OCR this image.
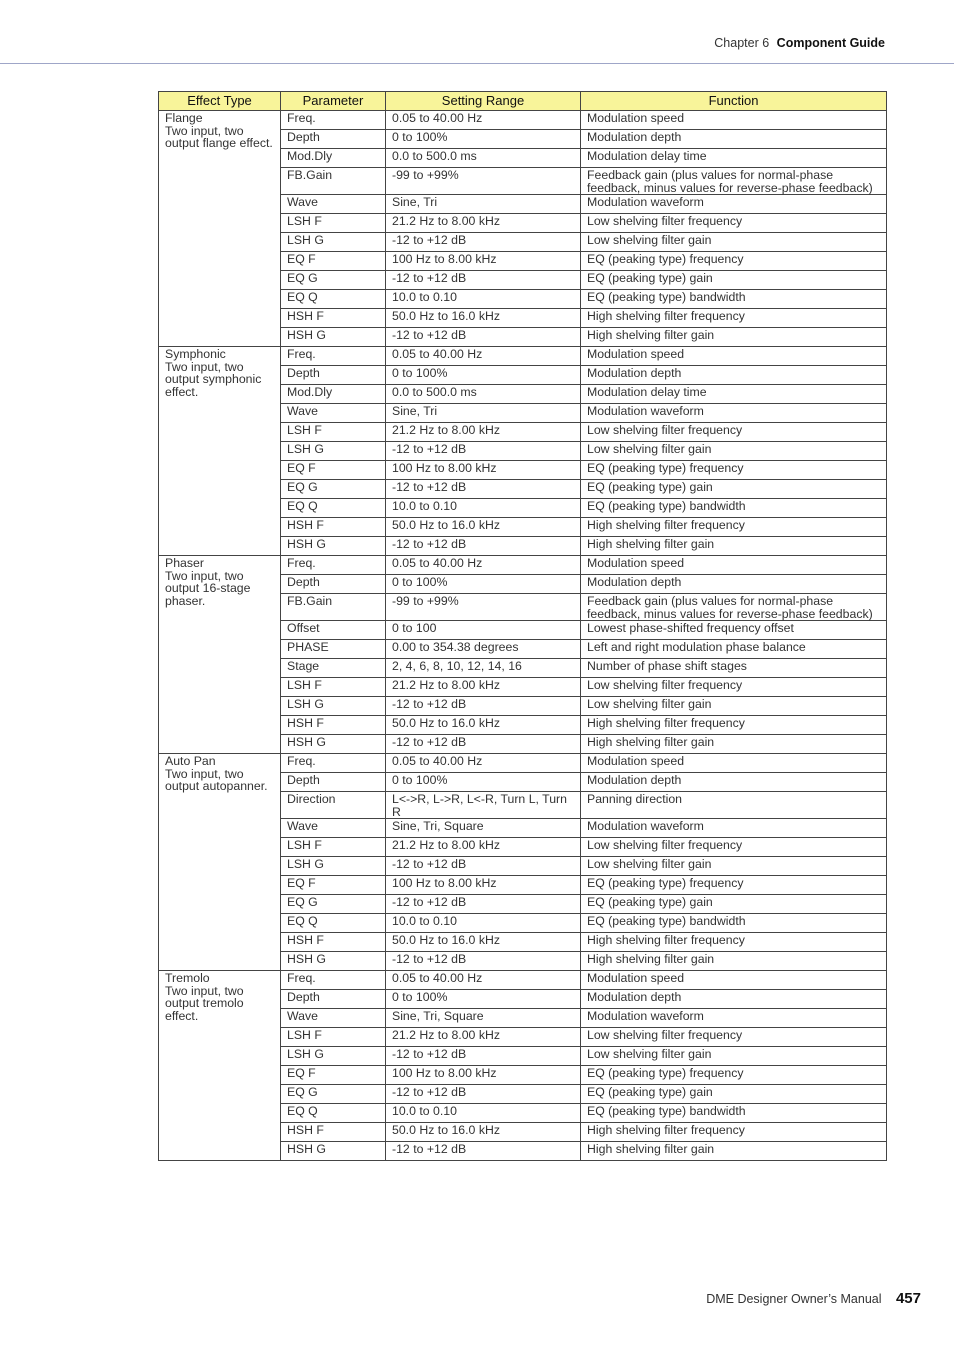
Chapter 6 Component Guide
Effect Type	Parameter	Setting Range	Function

Flange
Two input, two output flange effect.	Freq.	0.05 to 40.00 Hz	Modulation speed
	Depth	0 to 100%	Modulation depth
	Mod.Dly	0.0 to 500.0 ms	Modulation delay time
	FB.Gain	-99 to +99%	Feedback gain (plus values for normal-phase feedback, minus values for reverse-phase feedback)
	Wave	Sine, Tri	Modulation waveform
	LSH F	21.2 Hz to 8.00 kHz	Low shelving filter frequency
	LSH G	-12 to +12 dB	Low shelving filter gain
	EQ F	100 Hz to 8.00 kHz	EQ (peaking type) frequency
	EQ G	-12 to +12 dB	EQ (peaking type) gain
	EQ Q	10.0 to 0.10	EQ (peaking type) bandwidth
	HSH F	50.0 Hz to 16.0 kHz	High shelving filter frequency
	HSH G	-12 to +12 dB	High shelving filter gain

Symphonic
Two input, two output symphonic effect.	Freq.	0.05 to 40.00 Hz	Modulation speed
	Depth	0 to 100%	Modulation depth
	Mod.Dly	0.0 to 500.0 ms	Modulation delay time
	Wave	Sine, Tri	Modulation waveform
	LSH F	21.2 Hz to 8.00 kHz	Low shelving filter frequency
	LSH G	-12 to +12 dB	Low shelving filter gain
	EQ F	100 Hz to 8.00 kHz	EQ (peaking type) frequency
	EQ G	-12 to +12 dB	EQ (peaking type) gain
	EQ Q	10.0 to 0.10	EQ (peaking type) bandwidth
	HSH F	50.0 Hz to 16.0 kHz	High shelving filter frequency
	HSH G	-12 to +12 dB	High shelving filter gain

Phaser
Two input, two output 16-stage phaser.	Freq.	0.05 to 40.00 Hz	Modulation speed
	Depth	0 to 100%	Modulation depth
	FB.Gain	-99 to +99%	Feedback gain (plus values for normal-phase feedback, minus values for reverse-phase feedback)
	Offset	0 to 100	Lowest phase-shifted frequency offset
	PHASE	0.00 to 354.38 degrees	Left and right modulation phase balance
	Stage	2, 4, 6, 8, 10, 12, 14, 16	Number of phase shift stages
	LSH F	21.2 Hz to 8.00 kHz	Low shelving filter frequency
	LSH G	-12 to +12 dB	Low shelving filter gain
	HSH F	50.0 Hz to 16.0 kHz	High shelving filter frequency
	HSH G	-12 to +12 dB	High shelving filter gain

Auto Pan
Two input, two output autopanner.	Freq.	0.05 to 40.00 Hz	Modulation speed
	Depth	0 to 100%	Modulation depth
	Direction	L<->R, L->R, L<-R, Turn L, Turn R	Panning direction
	Wave	Sine, Tri, Square	Modulation waveform
	LSH F	21.2 Hz to 8.00 kHz	Low shelving filter frequency
	LSH G	-12 to +12 dB	Low shelving filter gain
	EQ F	100 Hz to 8.00 kHz	EQ (peaking type) frequency
	EQ G	-12 to +12 dB	EQ (peaking type) gain
	EQ Q	10.0 to 0.10	EQ (peaking type) bandwidth
	HSH F	50.0 Hz to 16.0 kHz	High shelving filter frequency
	HSH G	-12 to +12 dB	High shelving filter gain

Tremolo
Two input, two output tremolo effect.	Freq.	0.05 to 40.00 Hz	Modulation speed
	Depth	0 to 100%	Modulation depth
	Wave	Sine, Tri, Square	Modulation waveform
	LSH F	21.2 Hz to 8.00 kHz	Low shelving filter frequency
	LSH G	-12 to +12 dB	Low shelving filter gain
	EQ F	100 Hz to 8.00 kHz	EQ (peaking type) frequency
	EQ G	-12 to +12 dB	EQ (peaking type) gain
	EQ Q	10.0 to 0.10	EQ (peaking type) bandwidth
	HSH F	50.0 Hz to 16.0 kHz	High shelving filter frequency
	HSH G	-12 to +12 dB	High shelving filter gain
DME Designer Owner’s Manual 457
